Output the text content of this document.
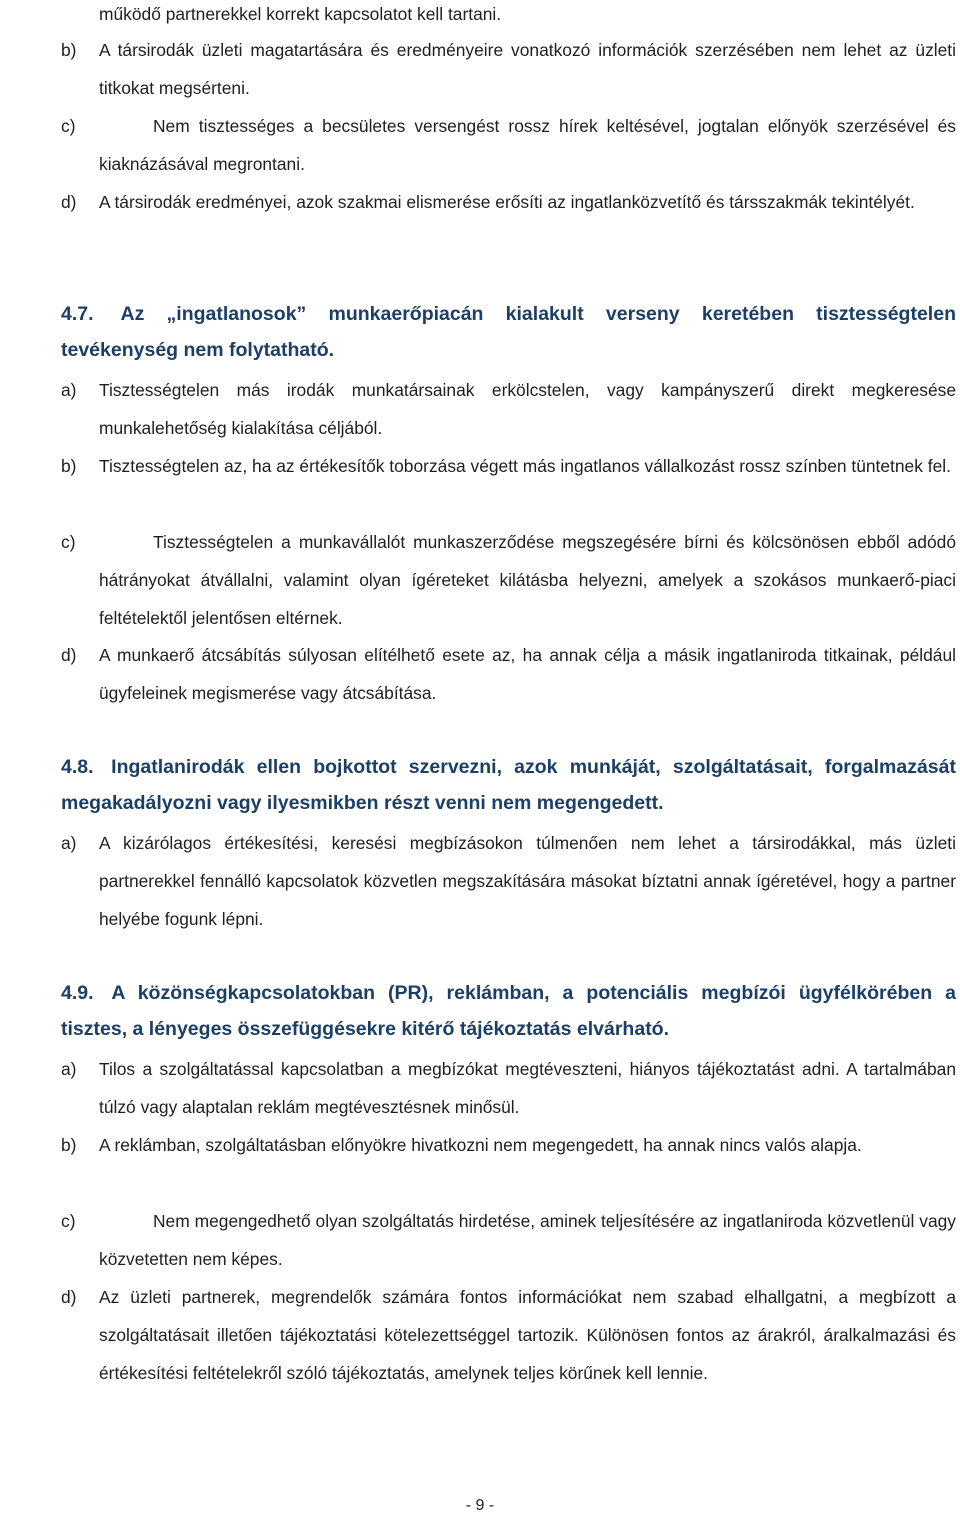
működő partnerekkel korrekt kapcsolatot kell tartani.
b)	A társirodák üzleti magatartására és eredményeire vonatkozó információk szerzésében nem lehet az üzleti titkokat megsérteni.
c)	Nem tisztességes a becsületes versengést rossz hírek keltésével, jogtalan előnyök szerzésével és kiaknázásával megrontani.
d)	A társirodák eredményei, azok szakmai elismerése erősíti az ingatlanközvetítő és társszakmák tekintélyét.
4.7. Az „ingatlanosok” munkaerőpiacán kialakult verseny keretében tisztességtelen tevékenység nem folytatható.
a)	Tisztességtelen más irodák munkatársainak erkölcstelen, vagy kampányszerű direkt megkeresése munkalehetőség kialakítása céljából.
b)	Tisztességtelen az, ha az értékesítők toborzása végett más ingatlanos vállalkozást rossz színben tüntetnek fel.
c)	Tisztességtelen a munkavállalót munkaszerződése megszegésére bírni és kölcsönösen ebből adódó hátrányokat átvállalni, valamint olyan ígéreteket kilátásba helyezni, amelyek a szokásos munkaerő-piaci feltételektől jelentősen eltérnek.
d)	A munkaerő átcsábítás súlyosan elítélhető esete az, ha annak célja a másik ingatlaniroda titkainak, például ügyfeleinek megismerése vagy átcsábítása.
4.8. Ingatlanirodák ellen bojkottot szervezni, azok munkáját, szolgáltatásait, forgalmazását megakadályozni vagy ilyesmikben részt venni nem megengedett.
a)	A kizárólagos értékesítési, keresési megbízásokon túlmenően nem lehet a társirodákkal, más üzleti partnerekkel fennálló kapcsolatok közvetlen megszakítására másokat bíztatni annak ígéretével, hogy a partner helyébe fogunk lépni.
4.9. A közönségkapcsolatokban (PR), reklámban, a potenciális megbízói ügyfélkörében a tisztes, a lényeges összefüggésekre kitérő tájékoztatás elvárható.
a)	Tilos a szolgáltatással kapcsolatban a megbízókat megtéveszteni, hiányos tájékoztatást adni. A tartalmában túlzó vagy alaptalan reklám megtévesztésnek minősül.
b)	A reklámban, szolgáltatásban előnyökre hivatkozni nem megengedett, ha annak nincs valós alapja.
c)	Nem megengedhető olyan szolgáltatás hirdetése, aminek teljesítésére az ingatlaniroda közvetlenül vagy közvetetten nem képes.
d)	Az üzleti partnerek, megrendelők számára fontos információkat nem szabad elhallgatni, a megbízott a szolgáltatásait illetően tájékoztatási kötelezettséggel tartozik. Különösen fontos az árakról, áralkalmazási és értékesítési feltételekről szóló tájékoztatás, amelynek teljes körűnek kell lennie.
- 9 -
